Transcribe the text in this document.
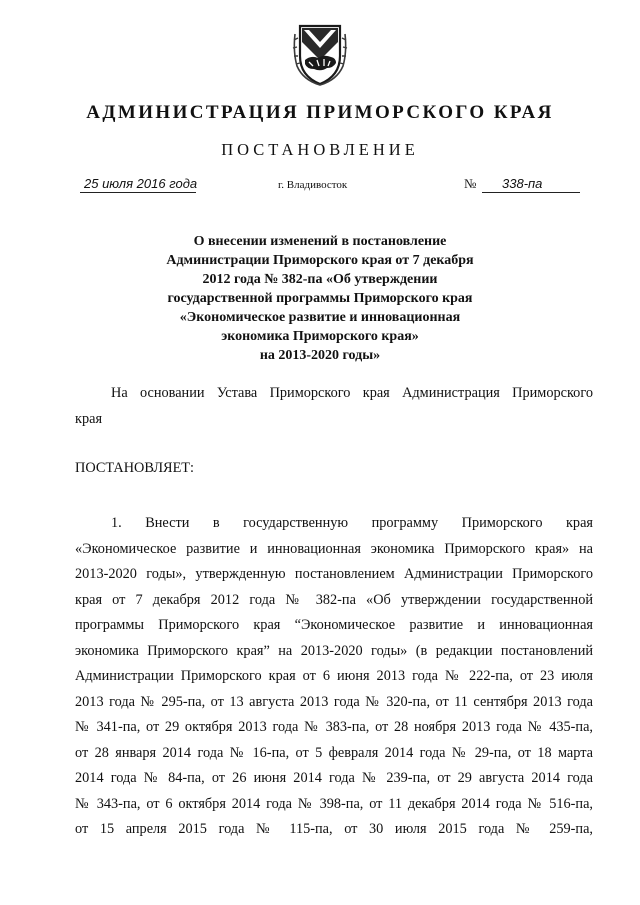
АДМИНИСТРАЦИЯ ПРИМОРСКОГО КРАЯ
ПОСТАНОВЛЕНИЕ
25 июля 2016 года	г. Владивосток	№ 338-па
О внесении изменений в постановление
Администрации Приморского края от 7 декабря
2012 года № 382-па «Об утверждении
государственной программы Приморского края
«Экономическое развитие и инновационная
экономика Приморского края»
на 2013-2020 годы»
На основании Устава Приморского края Администрация Приморского
края
ПОСТАНОВЛЯЕТ:
1. Внести в государственную программу Приморского края
«Экономическое развитие и инновационная экономика Приморского края» на
2013-2020 годы», утвержденную постановлением Администрации Приморского
края от 7 декабря 2012 года № 382-па «Об утверждении государственной
программы Приморского края “Экономическое развитие и инновационная
экономика Приморского края” на 2013-2020 годы» (в редакции постановлений
Администрации Приморского края от 6 июня 2013 года № 222-па, от 23 июля
2013 года № 295-па, от 13 августа 2013 года № 320-па, от 11 сентября 2013 года
№ 341-па, от 29 октября 2013 года № 383-па, от 28 ноября 2013 года № 435-па,
от 28 января 2014 года № 16-па, от 5 февраля 2014 года № 29-па, от 18 марта
2014 года № 84-па, от 26 июня 2014 года № 239-па, от 29 августа 2014 года
№ 343-па, от 6 октября 2014 года № 398-па, от 11 декабря 2014 года № 516-па,
от 15 апреля 2015 года № 115-па, от 30 июля 2015 года № 259-па,
